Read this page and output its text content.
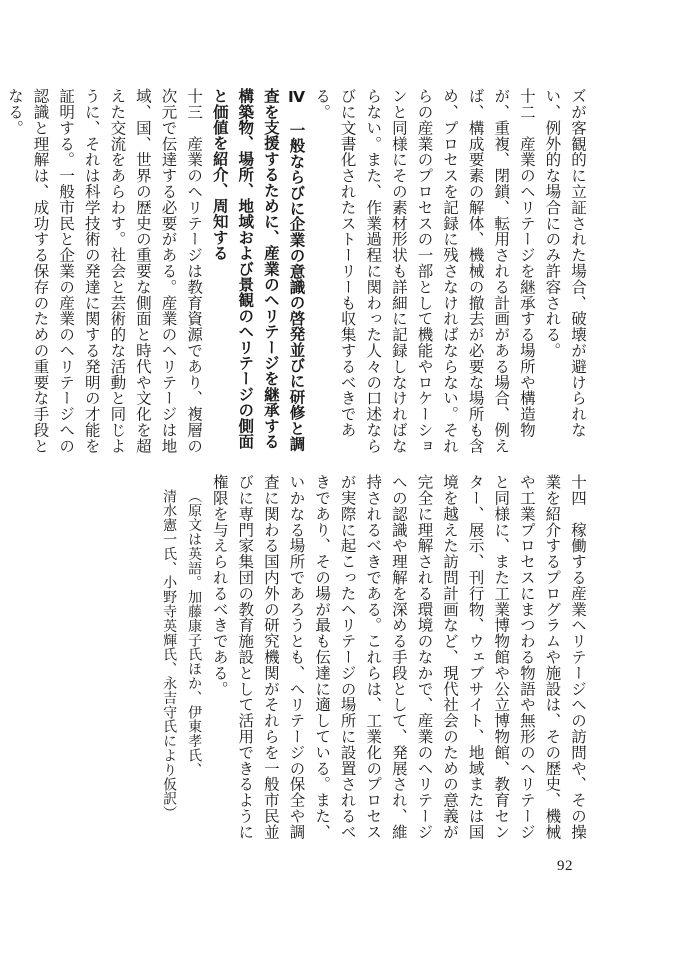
ズが客観的に立証された場合、破壊が避けられない、例外的な場合にのみ許容される。

十二　産業のヘリテージを継承する場所や構造物が、重複、閉鎖、転用される計画がある場合、例えば、構成要素の解体、機械の撤去が必要な場所も含め、プロセスを記録に残さなければならない。それらの産業のプロセスの一部として機能やロケーションと同様にその素材形状も詳細に記録しなければならない。また、作業過程に関わった人々の口述ならびに文書化されたストーリーも収集するべきである。

Ⅳ　一般ならびに企業の意識の啓発並びに研修と調査を支援するために、産業のヘリテージを継承する構築物、場所、地域および景観のヘリテージの側面と価値を紹介、周知する

十三　産業のヘリテージは教育資源であり、複層の次元で伝達する必要がある。産業のヘリテージは地域、国、世界の歴史の重要な側面と時代や文化を超えた交流をあらわす。社会と芸術的な活動と同じように、それは科学技術の発達に関する発明の才能を証明する。一般市民と企業の産業のヘリテージへの認識と理解は、成功する保存のための重要な手段となる。

十四　稼働する産業ヘリテージへの訪問や、その操業を紹介するプログラムや施設は、その歴史、機械や工業プロセスにまつわる物語や無形のヘリテージと同様に、また工業博物館や公立博物館、教育センター、展示、刊行物、ウェブサイト、地域または国境を越えた訪問計画など、現代社会のための意義が完全に理解される環境のなかで、産業のヘリテージへの認識や理解を深める手段として、発展され、維持されるべきである。これらは、工業化のプロセスが実際に起こったヘリテージの場所に設置されるべきであり、その場が最も伝達に適している。また、いかなる場所であろうとも、ヘリテージの保全や調査に関わる国内外の研究機関がそれらを一般市民並びに専門家集団の教育施設として活用できるように権限を与えられるべきである。

（原文は英語。加藤康子氏ほか、伊東孝氏、

清水憲一氏、小野寺英輝氏、永吉守氏により仮訳）

92
